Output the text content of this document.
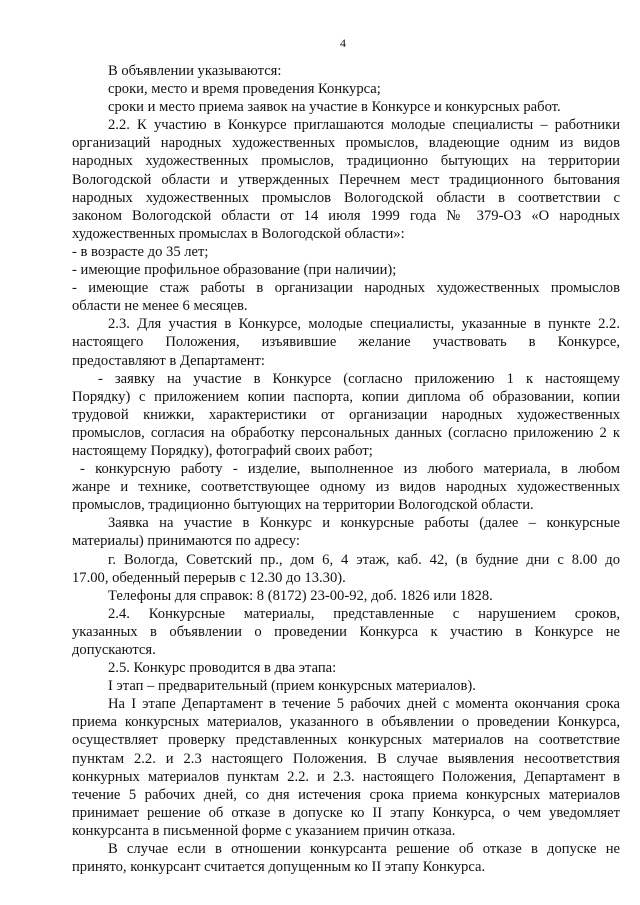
4

В объявлении указываются:

сроки, место и время проведения Конкурса;

сроки и место приема заявок на участие в Конкурсе и конкурсных работ.

2.2. К участию в Конкурсе приглашаются молодые специалисты – работники

организаций народных художественных промыслов, владеющие одним из видов

народных художественных промыслов, традиционно бытующих на территории

Вологодской области и утвержденных Перечнем мест традиционного бытования

народных художественных промыслов Вологодской области в соответствии с

законом Вологодской области от 14 июля 1999 года № 379-ОЗ «О народных

художественных промыслах в Вологодской области»:

- в возрасте до 35 лет;

- имеющие профильное образование (при наличии);

- имеющие стаж работы в организации народных художественных промыслов

области не менее 6 месяцев.

2.3. Для участия в Конкурсе, молодые специалисты, указанные в пункте 2.2.

настоящего Положения, изъявившие желание участвовать в Конкурсе,

предоставляют в Департамент:

- заявку на участие в Конкурсе (согласно приложению 1 к настоящему

Порядку) с приложением копии паспорта, копии диплома об образовании, копии

трудовой книжки, характеристики от организации народных художественных

промыслов, согласия на обработку персональных данных (согласно приложению 2 к

настоящему Порядку), фотографий своих работ;

- конкурсную работу - изделие, выполненное из любого материала, в любом

жанре и технике, соответствующее одному из видов народных художественных

промыслов, традиционно бытующих на территории Вологодской области.

Заявка на участие в Конкурс и конкурсные работы (далее – конкурсные

материалы) принимаются по адресу:

г. Вологда, Советский пр., дом 6, 4 этаж, каб. 42, (в будние дни с 8.00 до

17.00, обеденный перерыв с 12.30 до 13.30).

Телефоны для справок: 8 (8172) 23-00-92, доб. 1826 или 1828.

2.4. Конкурсные материалы, представленные с нарушением сроков,

указанных в объявлении о проведении Конкурса к участию в Конкурсе не

допускаются.

2.5. Конкурс проводится в два этапа:

I этап – предварительный (прием конкурсных материалов).

На I этапе Департамент в течение 5 рабочих дней с момента окончания срока

приема конкурсных материалов, указанного в объявлении о проведении Конкурса,

осуществляет проверку представленных конкурсных материалов на соответствие

пунктам 2.2. и 2.3 настоящего Положения. В случае выявления несоответствия

конкурных материалов пунктам 2.2. и 2.3. настоящего Положения, Департамент в

течение 5 рабочих дней, со дня истечения срока приема конкурсных материалов

принимает решение об отказе в допуске ко II этапу Конкурса, о чем уведомляет

конкурсанта в письменной форме с указанием причин отказа.

В случае если в отношении конкурсанта решение об отказе в допуске не

принято, конкурсант считается допущенным ко II этапу Конкурса.
